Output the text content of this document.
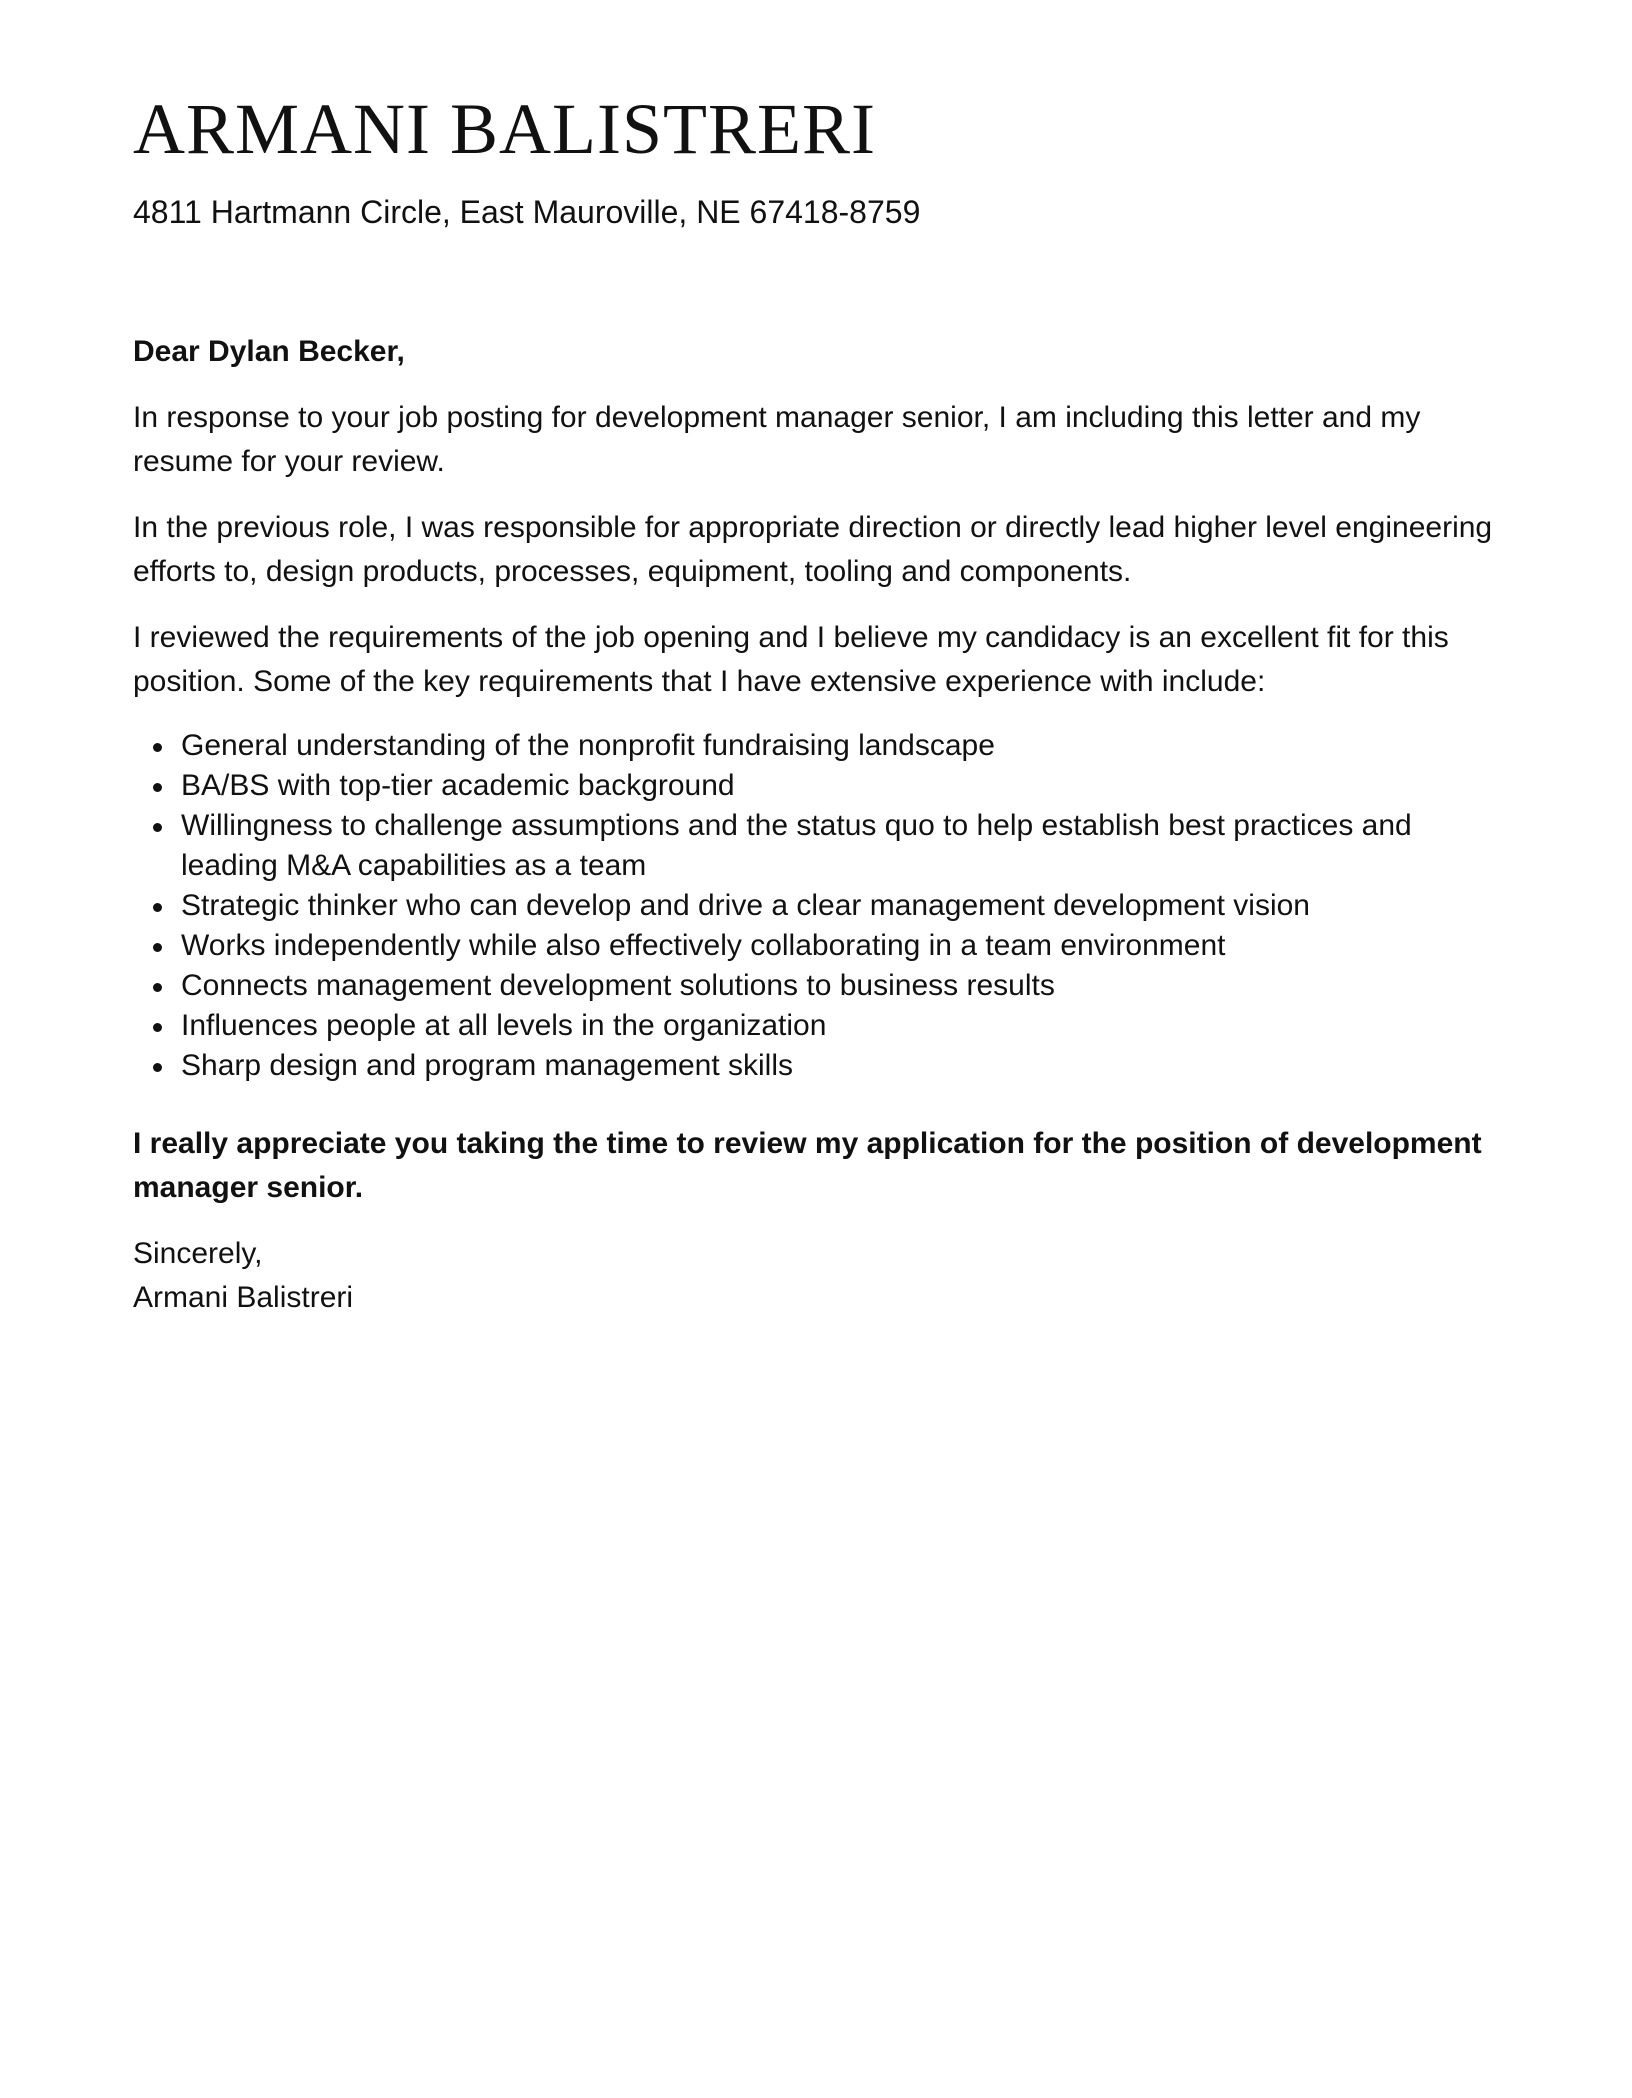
ARMANI BALISTRERI
4811 Hartmann Circle, East Mauroville, NE 67418-8759

Dear Dylan Becker,

In response to your job posting for development manager senior, I am including this letter and my resume for your review.

In the previous role, I was responsible for appropriate direction or directly lead higher level engineering efforts to, design products, processes, equipment, tooling and components.

I reviewed the requirements of the job opening and I believe my candidacy is an excellent fit for this position. Some of the key requirements that I have extensive experience with include:

General understanding of the nonprofit fundraising landscape
BA/BS with top-tier academic background
Willingness to challenge assumptions and the status quo to help establish best practices and leading M&A capabilities as a team
Strategic thinker who can develop and drive a clear management development vision
Works independently while also effectively collaborating in a team environment
Connects management development solutions to business results
Influences people at all levels in the organization
Sharp design and program management skills

I really appreciate you taking the time to review my application for the position of development manager senior.

Sincerely,
Armani Balistreri
